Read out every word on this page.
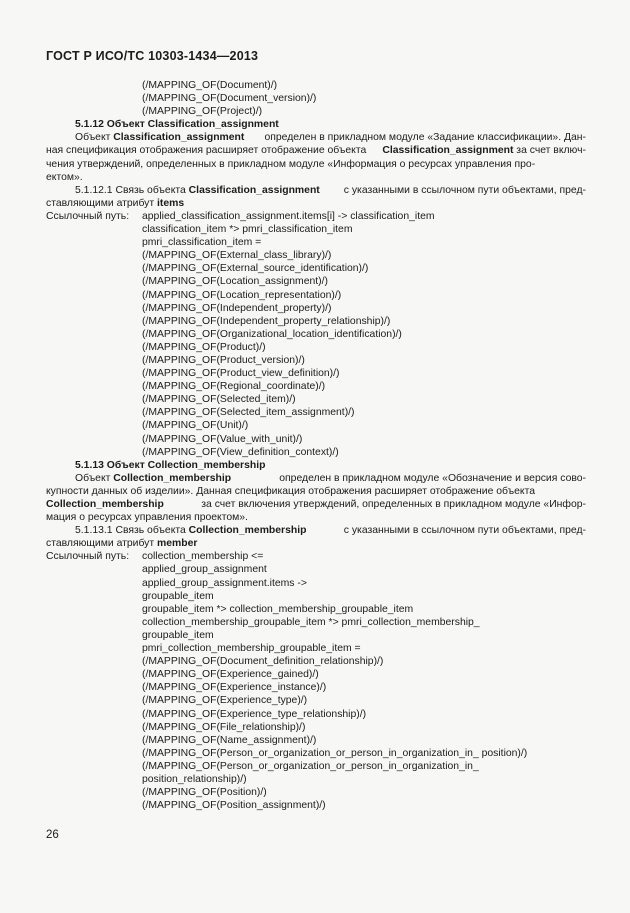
ГОСТ Р ИСО/ТС 10303-1434—2013
(/MAPPING_OF(Document)/)
(/MAPPING_OF(Document_version)/)
(/MAPPING_OF(Project)/)
5.1.12 Объект Classification_assignment
Объект Classification_assignment определен в прикладном модуле «Задание классификации». Дан-
ная спецификация отображения расширяет отображение объекта Classification_assignment за счет включ-
чения утверждений, определенных в прикладном модуле «Информация о ресурсах управления про-
ектом».
5.1.12.1 Связь объекта Classification_assignment с указанными в ссылочном пути объектами, пред-
ставляющими атрибут items
Ссылочный путь:	applied_classification_assignment.items[i] -> classification_item
classification_item *> pmri_classification_item
pmri_classification_item =
(/MAPPING_OF(External_class_library)/)
(/MAPPING_OF(External_source_identification)/)
(/MAPPING_OF(Location_assignment)/)
(/MAPPING_OF(Location_representation)/)
(/MAPPING_OF(Independent_property)/)
(/MAPPING_OF(Independent_property_relationship)/)
(/MAPPING_OF(Organizational_location_identification)/)
(/MAPPING_OF(Product)/)
(/MAPPING_OF(Product_version)/)
(/MAPPING_OF(Product_view_definition)/)
(/MAPPING_OF(Regional_coordinate)/)
(/MAPPING_OF(Selected_item)/)
(/MAPPING_OF(Selected_item_assignment)/)
(/MAPPING_OF(Unit)/)
(/MAPPING_OF(Value_with_unit)/)
(/MAPPING_OF(View_definition_context)/)
5.1.13 Объект Collection_membership
Объект Collection_membership	определен в прикладном модуле «Обозначение и версия сово-
купности данных об изделии». Данная спецификация отображения расширяет отображение объекта
Collection_membership	за счет включения утверждений, определенных в прикладном модуле «Инфор-
мация о ресурсах управления проектом».
5.1.13.1 Связь объекта Collection_membership	с указанными в ссылочном пути объектами, пред-
ставляющими атрибут member
Ссылочный путь:	collection_membership <=
applied_group_assignment
applied_group_assignment.items ->
groupable_item
groupable_item *> collection_membership_groupable_item
collection_membership_groupable_item *> pmri_collection_membership_
groupable_item
pmri_collection_membership_groupable_item =
(/MAPPING_OF(Document_definition_relationship)/)
(/MAPPING_OF(Experience_gained)/)
(/MAPPING_OF(Experience_instance)/)
(/MAPPING_OF(Experience_type)/)
(/MAPPING_OF(Experience_type_relationship)/)
(/MAPPING_OF(File_relationship)/)
(/MAPPING_OF(Name_assignment)/)
(/MAPPING_OF(Person_or_organization_or_person_in_organization_in_ position)/)
(/MAPPING_OF(Person_or_organization_or_person_in_organization_in_
position_relationship)/)
(/MAPPING_OF(Position)/)
(/MAPPING_OF(Position_assignment)/)
26
